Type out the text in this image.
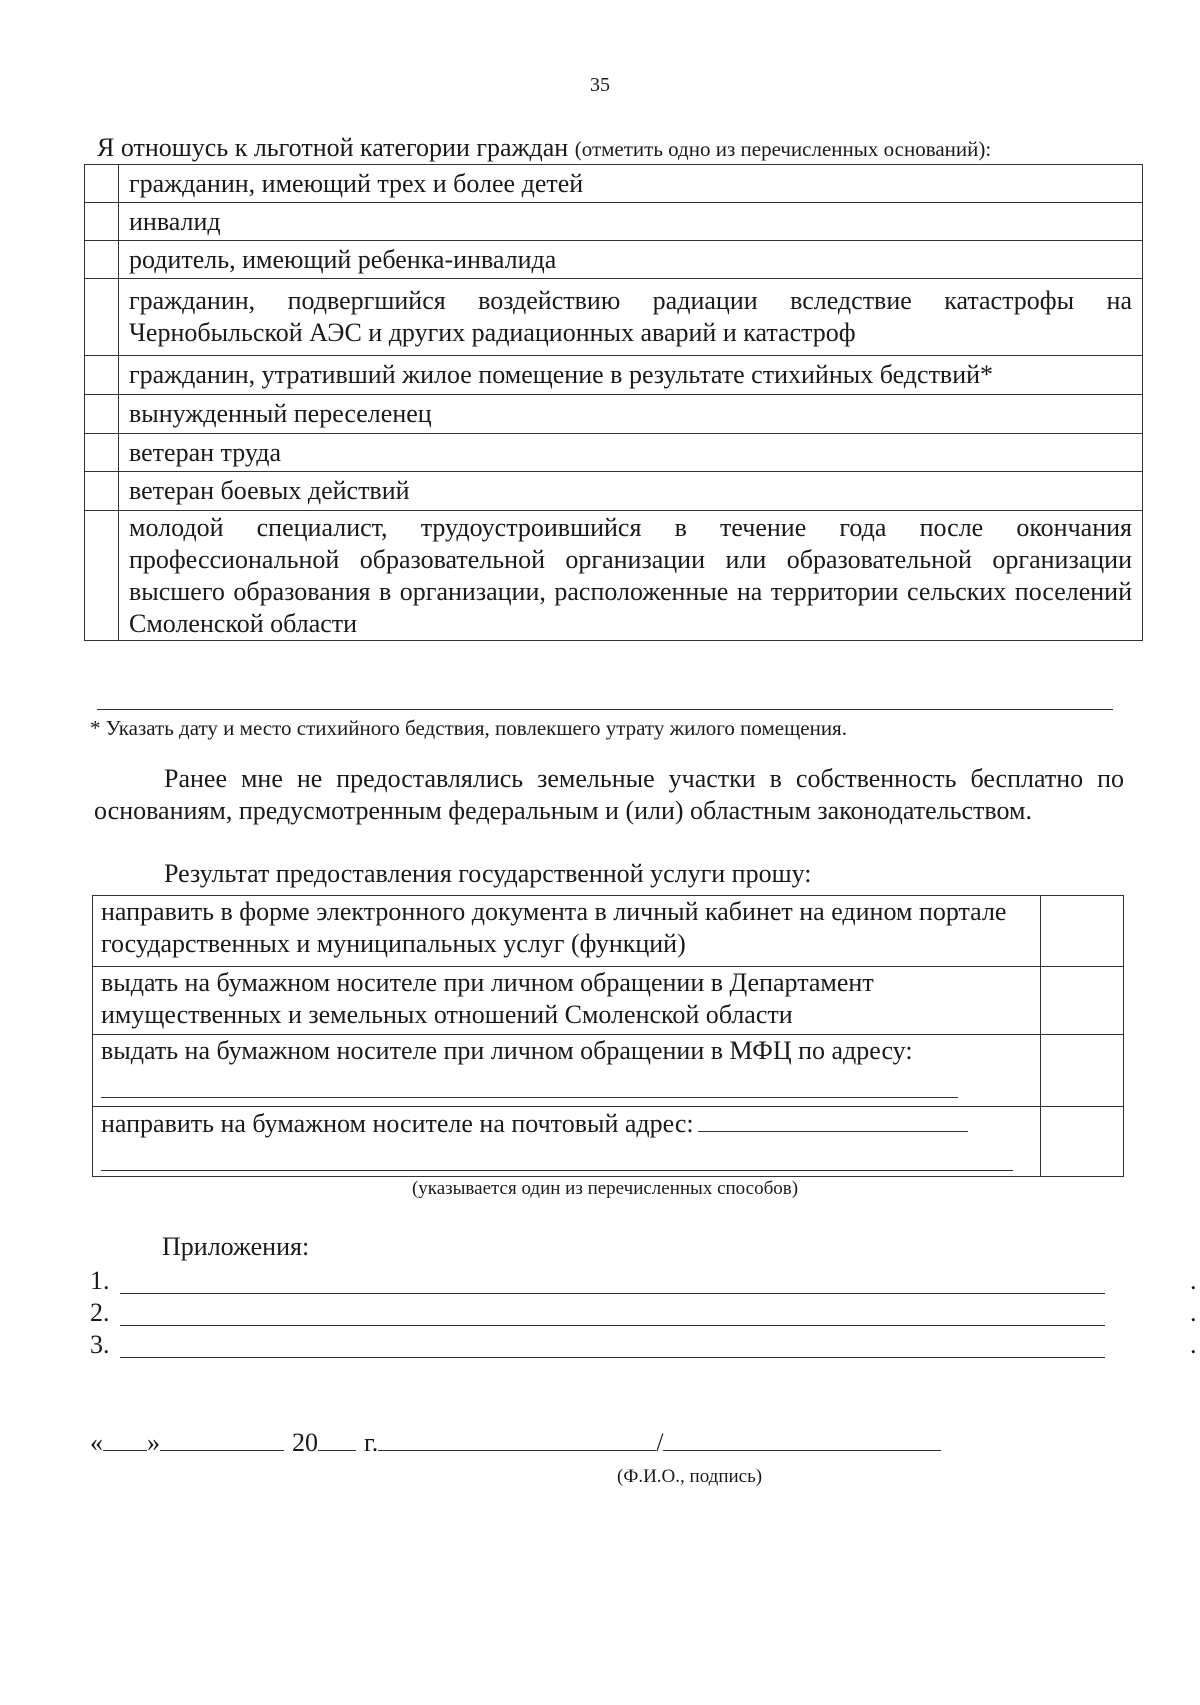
35
Я отношусь к льготной категории граждан (отметить одно из перечисленных оснований):
	гражданин, имеющий трех и более детей
	инвалид
	родитель, имеющий ребенка-инвалида
	гражданин, подвергшийся воздействию радиации вследствие катастрофы на Чернобыльской АЭС и других радиационных аварий и катастроф
	гражданин, утративший жилое помещение в результате стихийных бедствий*
	вынужденный переселенец
	ветеран труда
	ветеран боевых действий
	молодой специалист, трудоустроившийся в течение года после окончания профессиональной образовательной организации или образовательной организации высшего образования в организации, расположенные на территории сельских поселений Смоленской области
* Указать дату и место стихийного бедствия, повлекшего утрату жилого помещения.
Ранее мне не предоставлялись земельные участки в собственность бесплатно по основаниям, предусмотренным федеральным и (или) областным законодательством.
Результат предоставления государственной услуги прошу:
направить в форме электронного документа в личный кабинет на едином портале государственных и муниципальных услуг (функций)	
выдать на бумажном носителе при личном обращении в Департамент имущественных и земельных отношений Смоленской области	
выдать на бумажном носителе при личном обращении в МФЦ по адресу:

направить на бумажном носителе на почтовый адрес:

(указывается один из перечисленных способов)
Приложения:
1.	.
2.	.
3.	.
« »	20 г.	/
(Ф.И.О., подпись)
